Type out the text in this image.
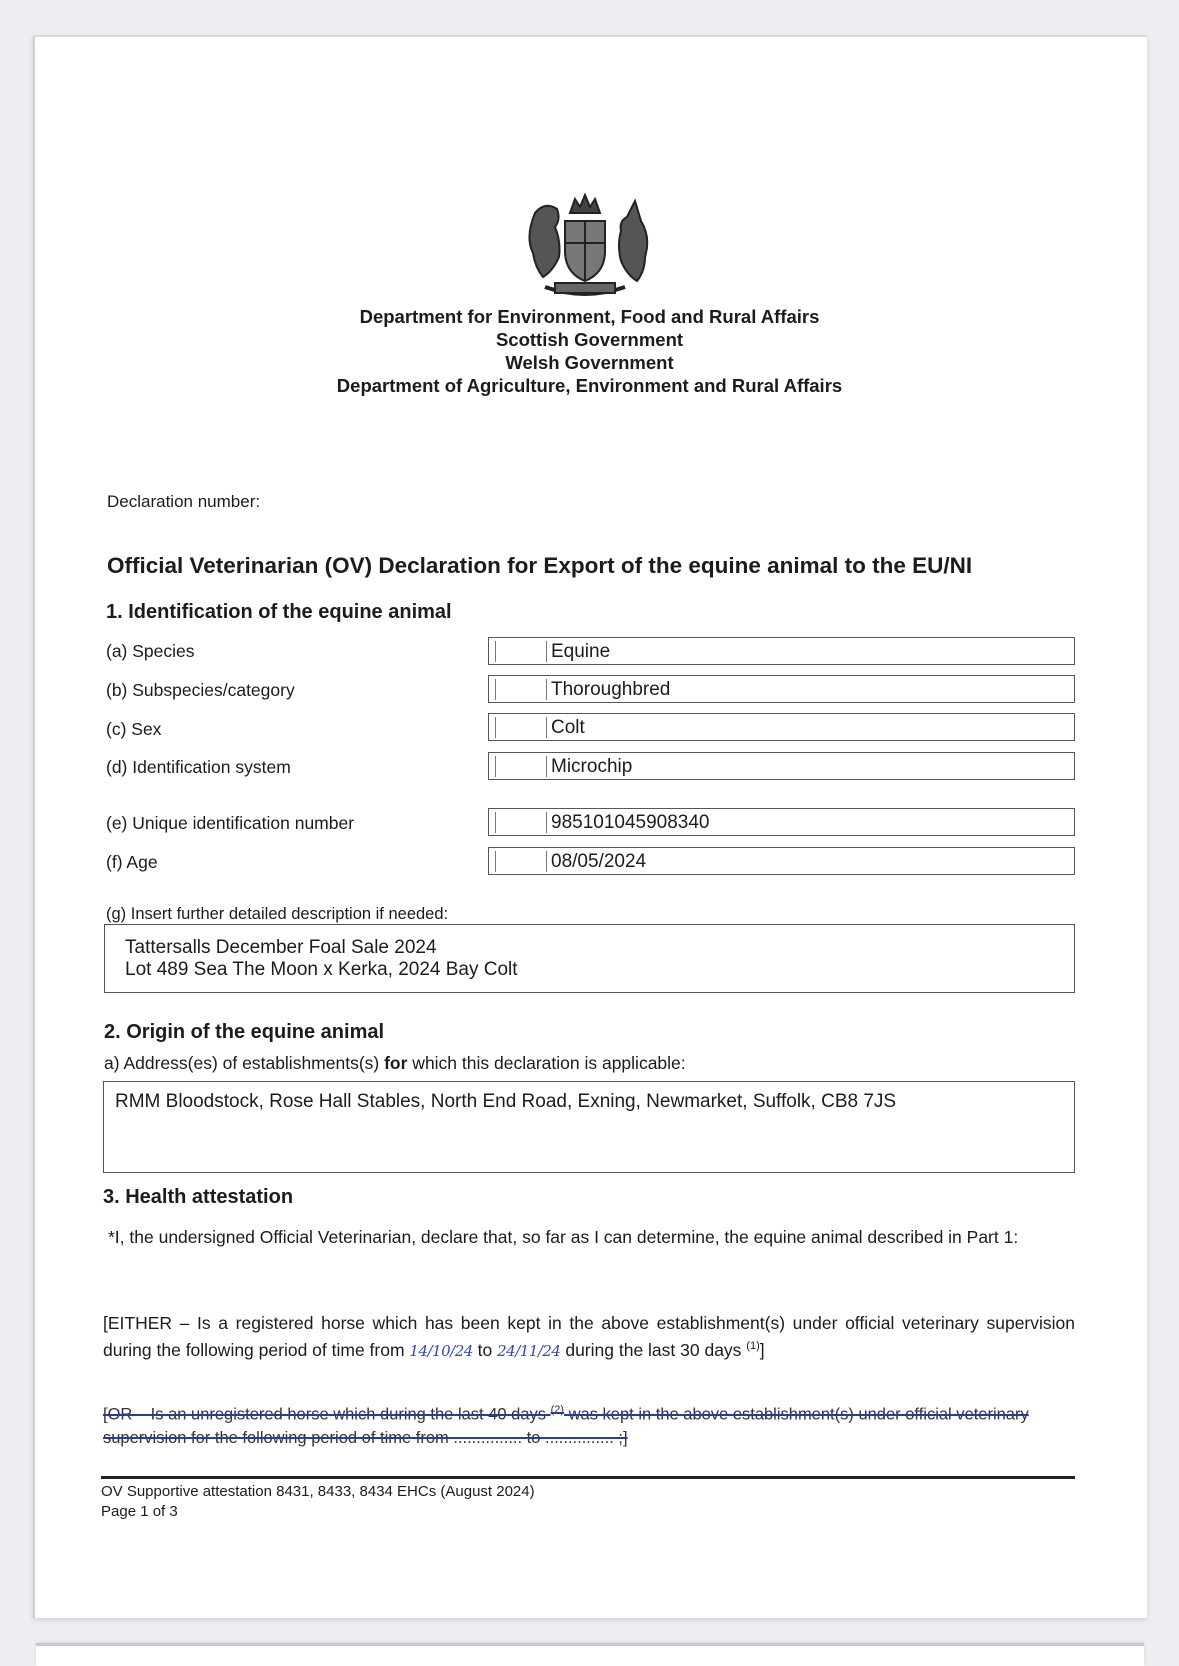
Department for Environment, Food and Rural Affairs
Scottish Government
Welsh Government
Department of Agriculture, Environment and Rural Affairs
Declaration number:
Official Veterinarian (OV) Declaration for Export of the equine animal to the EU/NI
1. Identification of the equine animal
(a) Species	Equine
(b) Subspecies/category	Thoroughbred
(c) Sex	Colt
(d) Identification system	Microchip
(e) Unique identification number	985101045908340
(f) Age	08/05/2024
(g) Insert further detailed description if needed:
Tattersalls December Foal Sale 2024
Lot 489 Sea The Moon x Kerka, 2024 Bay Colt
2. Origin of the equine animal
a) Address(es) of establishments(s) for which this declaration is applicable:
RMM Bloodstock, Rose Hall Stables, North End Road, Exning, Newmarket, Suffolk, CB8 7JS
3. Health attestation
*I, the undersigned Official Veterinarian, declare that, so far as I can determine, the equine animal described in Part 1:
[EITHER – Is a registered horse which has been kept in the above establishment(s) under official veterinary supervision during the following period of time from 14/10/24 to 24/11/24 during the last 30 days $^{(1)}$]
[OR – Is an unregistered horse which during the last 40 days $^{(2)}$ was kept in the above establishment(s) under official veterinary supervision for the following period of time from ............... to ............... ;]
OV Supportive attestation 8431, 8433, 8434 EHCs (August 2024)
Page 1 of 3
